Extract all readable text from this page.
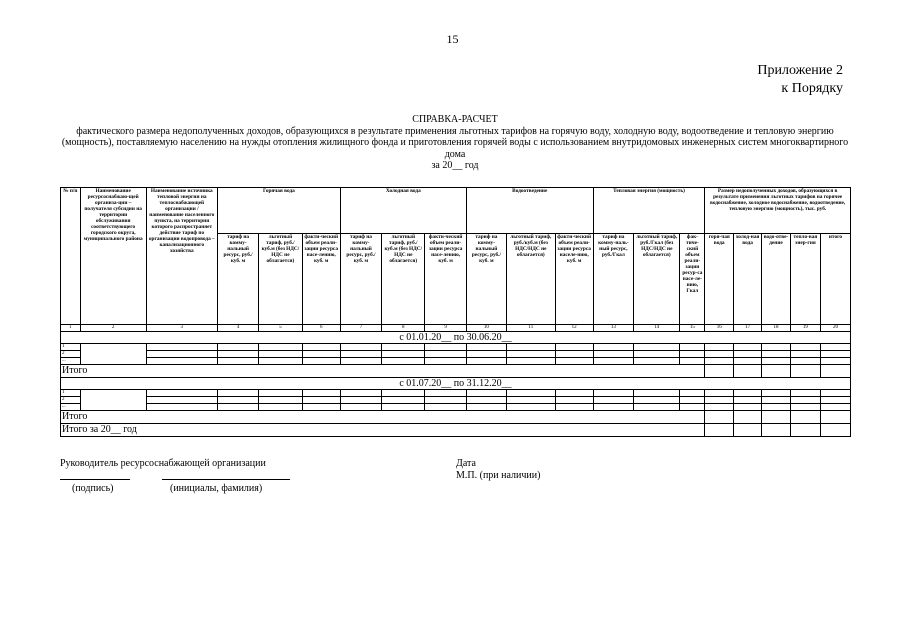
15
Приложение 2
к Порядку
СПРАВКА-РАСЧЕТ
фактического размера недополученных доходов, образующихся в результате применения льготных тарифов на горячую воду, холодную воду, водоотведение и тепловую энергию (мощность), поставляемую населению на нужды отопления жилищного фонда и приготовления горячей воды с использованием внутридомовых инженерных систем многоквартирного дома
за 20__ год
№ п/п	Наименование ресурсоснабжаю-щей организа-ции – получателя субсидии на территории обслуживания соответствующего городского округа, муниципального района	Наименование источника тепловой энергии на теплоснабжающей организации / наименование населенного пункта, на территории которого распространяет действие тариф по организации водопровода – канализационного хозяйства	Горячая вода			Холодная вода			Водоотведение			Тепловая энергия (мощность)			Размер недополученных доходов, образующихся в результате применения льготных тарифов на горячее водоснабжение, холодное водоснабжение, водоотведение, тепловую энергию (мощность), тыс. руб.				
			тариф на комму-нальный ресурс, руб./куб. м	льготный тариф, руб./куб.м (без НДС/НДС не облагается)	факти-ческий объем реали-зации ресурса насе-лению, куб. м	тариф на комму-нальный ресурс, руб./куб. м	льготный тариф, руб./куб.м (без НДС/НДС не облагается)	факти-ческий объем реали-зации ресурса насе-лению, куб. м	тариф на комму-нальный ресурс, руб./куб. м	льготный тариф, руб./куб.м (без НДС/НДС не облагается)	факти-ческий объем реали-зации ресурса населе-нию, куб. м	тариф на комму-наль-ный ресурс, руб./Гкал	льготный тариф, руб./Гкал (без НДС/НДС не облагается)	фак-тиче-ский объем реали-зации ресур-са насе-ле-нию, Гкал	горя-чая вода	холод-ная вода	водо-отве-дение	тепло-вая энер-гия	итого
1	2	3	4	5	6	7	8	9	10	11	12	13	14	15	16	17	18	19	20
с 01.01.20__ по 30.06.20__																			
1																			
2																			
...																			
Итого																			
с 01.07.20__ по 31.12.20__																			
1																			
2																			
...																			
Итого																			
Итого за 20__ год																			
Руководитель ресурсоснабжающей организации
(подпись)	(инициалы, фамилия)
Дата
М.П. (при наличии)
